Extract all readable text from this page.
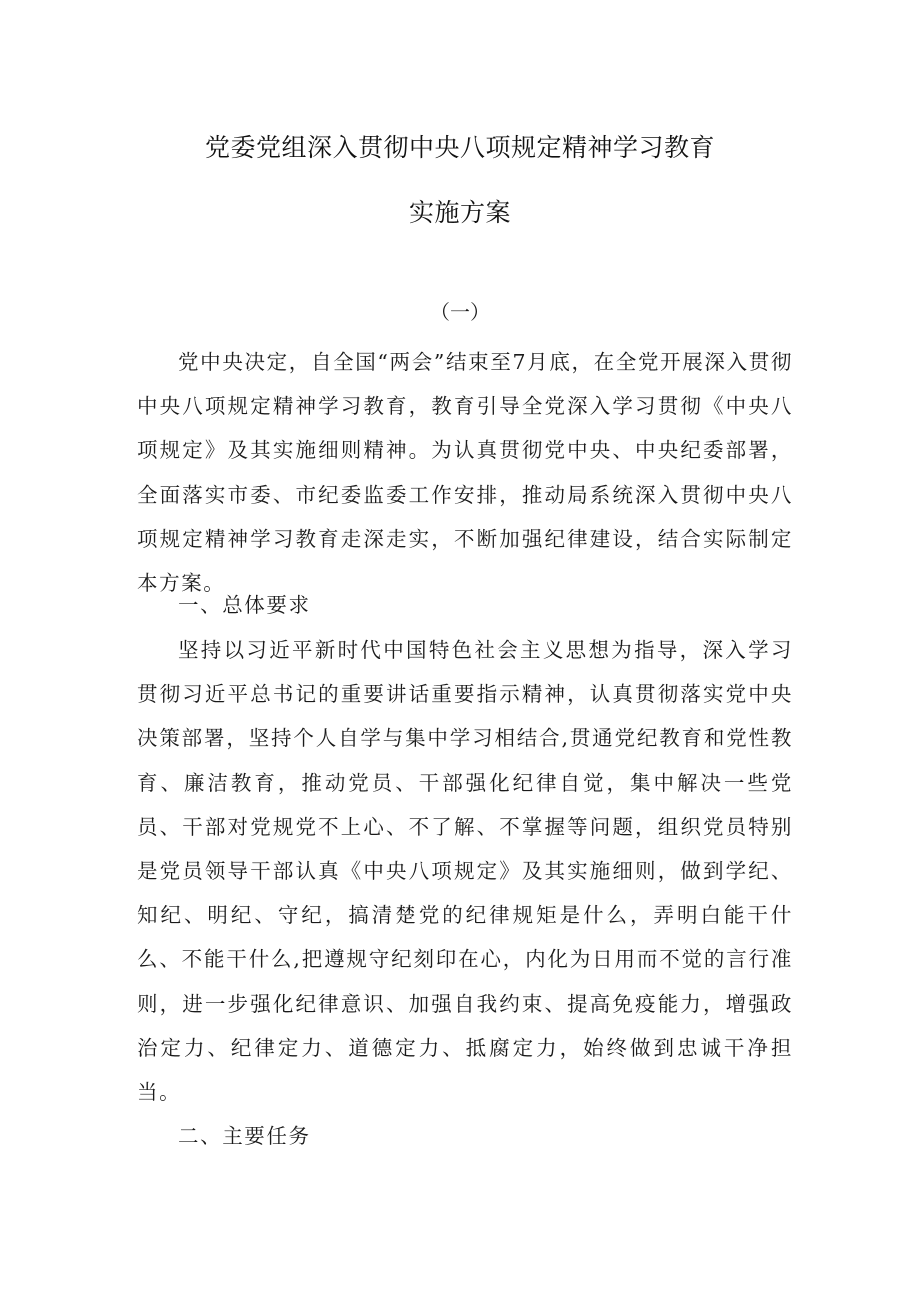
党委党组深入贯彻中央八项规定精神学习教育
实施方案
（一）

党中央决定，自全国“两会”结束至7月底，在全党开展深入贯彻中央八项规定精神学习教育，教育引导全党深入学习贯彻《中央八项规定》及其实施细则精神。为认真贯彻党中央、中央纪委部署，全面落实市委、市纪委监委工作安排，推动局系统深入贯彻中央八项规定精神学习教育走深走实，不断加强纪律建设，结合实际制定本方案。

一、总体要求

坚持以习近平新时代中国特色社会主义思想为指导，深入学习贯彻习近平总书记的重要讲话重要指示精神，认真贯彻落实党中央决策部署，坚持个人自学与集中学习相结合,贯通党纪教育和党性教育、廉洁教育，推动党员、干部强化纪律自觉，集中解决一些党员、干部对党规党不上心、不了解、不掌握等问题，组织党员特别是党员领导干部认真《中央八项规定》及其实施细则，做到学纪、知纪、明纪、守纪，搞清楚党的纪律规矩是什么，弄明白能干什么、不能干什么,把遵规守纪刻印在心，内化为日用而不觉的言行准则，进一步强化纪律意识、加强自我约束、提高免疫能力，增强政治定力、纪律定力、道德定力、抵腐定力，始终做到忠诚干净担当。

二、主要任务
